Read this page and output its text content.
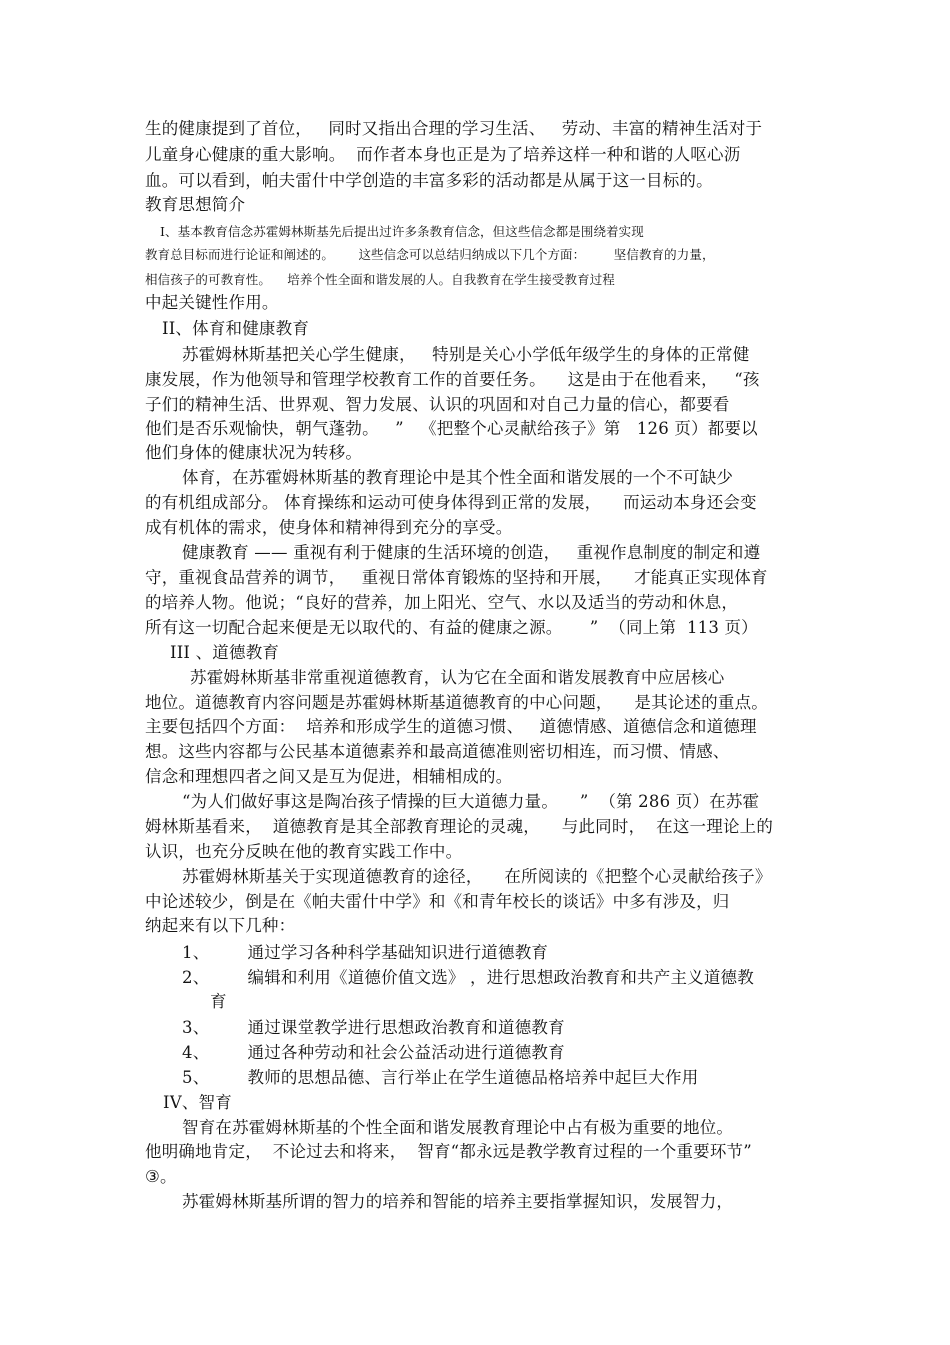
生的健康提到了首位，   同时又指出合理的学习生活、   劳动、丰富的精神生活对于
儿童身心健康的重大影响。  而作者本身也正是为了培养这样一种和谐的人呕心沥
血。可以看到，帕夫雷什中学创造的丰富多彩的活动都是从属于这一目标的。
教育思想简介
I、基本教育信念苏霍姆林斯基先后提出过许多条教育信念，但这些信念都是围绕着实现
教育总目标而进行论证和阐述的。      这些信念可以总结归纳成以下几个方面：       坚信教育的力量，
相信孩子的可教育性。    培养个性全面和谐发展的人。自我教育在学生接受教育过程
中起关键性作用。
II、体育和健康教育
苏霍姆林斯基把关心学生健康，   特别是关心小学低年级学生的身体的正常健
康发展，作为他领导和管理学校教育工作的首要任务。    这是由于在他看来，   “孩
子们的精神生活、世界观、智力发展、认识的巩固和对自己力量的信心，都要看
他们是否乐观愉快，朝气蓬勃。   ”   《把整个心灵献给孩子》第   126 页）都要以
他们身体的健康状况为转移。
体育，在苏霍姆林斯基的教育理论中是其个性全面和谐发展的一个不可缺少
的有机组成部分。 体育操练和运动可使身体得到正常的发展，    而运动本身还会变
成有机体的需求，使身体和精神得到充分的享受。
健康教育 —— 重视有利于健康的生活环境的创造，   重视作息制度的制定和遵
守，重视食品营养的调节，   重视日常体育锻炼的坚持和开展，    才能真正实现体育
的培养人物。他说；“良好的营养，加上阳光、空气、水以及适当的劳动和休息，
所有这一切配合起来便是无以取代的、有益的健康之源。     ”  （同上第  113 页）
III 、道德教育
苏霍姆林斯基非常重视道德教育，认为它在全面和谐发展教育中应居核心
地位。道德教育内容问题是苏霍姆林斯基道德教育的中心问题，    是其论述的重点。
主要包括四个方面：  培养和形成学生的道德习惯、   道德情感、道德信念和道德理
想。这些内容都与公民基本道德素养和最高道德准则密切相连，而习惯、情感、
信念和理想四者之间又是互为促进，相辅相成的。
“为人们做好事这是陶冶孩子情操的巨大道德力量。    ”  （第 286 页）在苏霍
姆林斯基看来，  道德教育是其全部教育理论的灵魂，    与此同时，  在这一理论上的
认识，也充分反映在他的教育实践工作中。
苏霍姆林斯基关于实现道德教育的途径，    在所阅读的《把整个心灵献给孩子》
中论述较少，倒是在《帕夫雷什中学》和《和青年校长的谈话》中多有涉及，归
纳起来有以下几种：
1、       通过学习各种科学基础知识进行道德教育
2、       编辑和利用《道德价值文选》 ，进行思想政治教育和共产主义道德教
育
3、       通过课堂教学进行思想政治教育和道德教育
4、       通过各种劳动和社会公益活动进行道德教育
5、       教师的思想品德、言行举止在学生道德品格培养中起巨大作用
IV、智育
智育在苏霍姆林斯基的个性全面和谐发展教育理论中占有极为重要的地位。
他明确地肯定，  不论过去和将来，  智育“都永远是教学教育过程的一个重要环节”
③。
苏霍姆林斯基所谓的智力的培养和智能的培养主要指掌握知识，发展智力，
